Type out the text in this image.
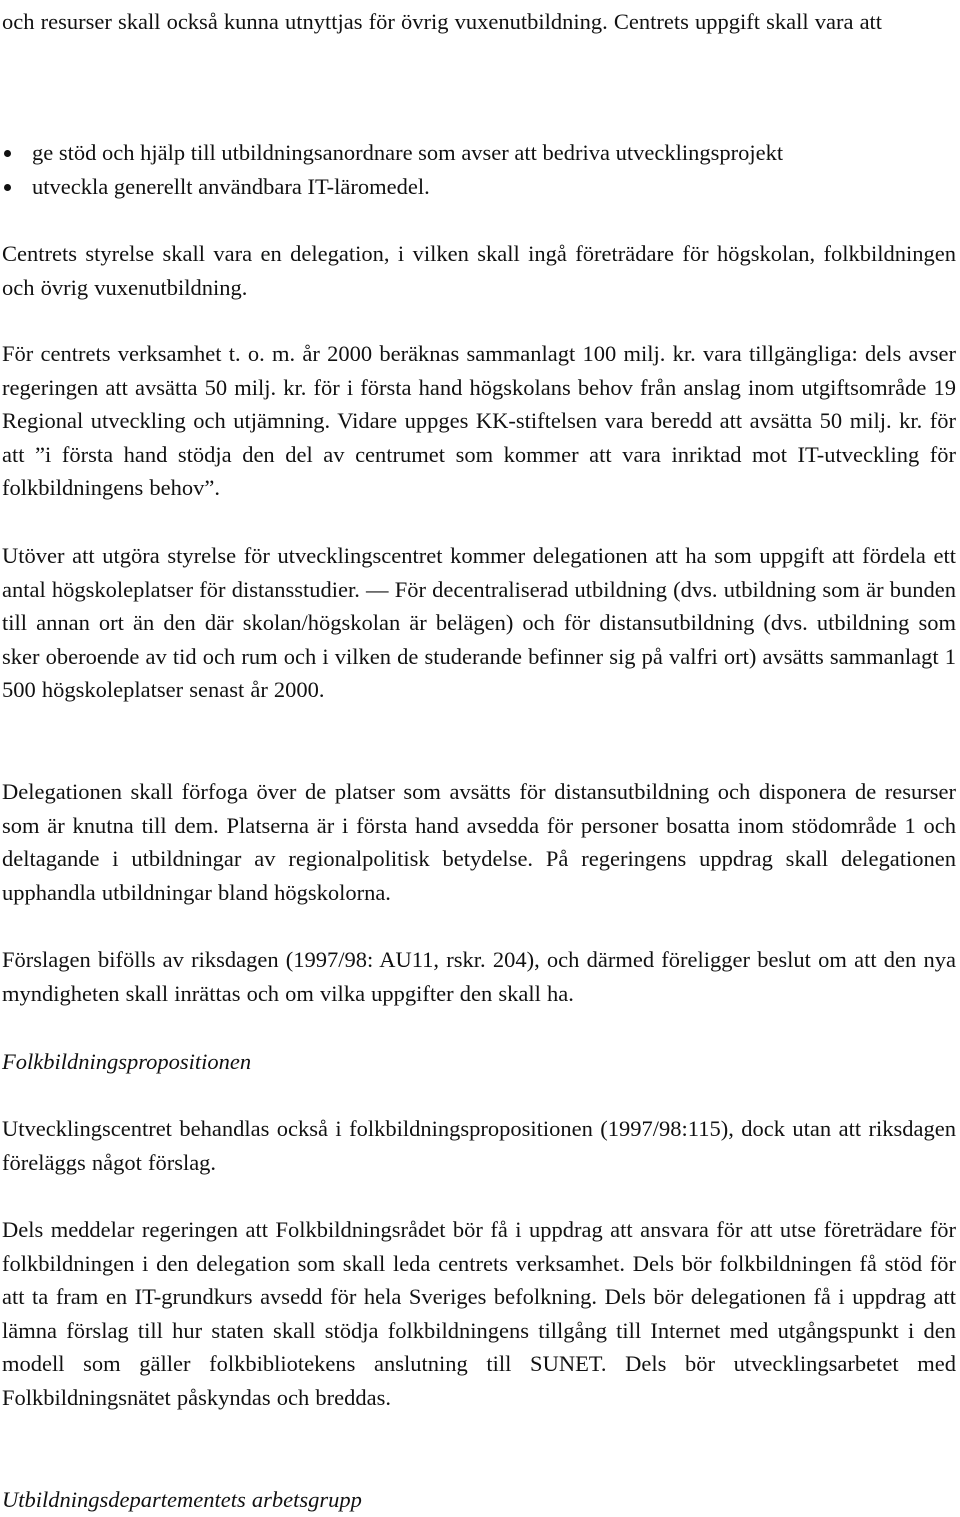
och resurser skall också kunna utnyttjas för övrig vuxenutbildning. Centrets uppgift skall vara att

ge stöd och hjälp till utbildningsanordnare som avser att bedriva utvecklingsprojekt
utveckla generellt användbara IT-läromedel.

Centrets styrelse skall vara en delegation, i vilken skall ingå företrädare för högskolan, folkbildningen och övrig vuxenutbildning.

För centrets verksamhet t. o. m. år 2000 beräknas sammanlagt 100 milj. kr. vara tillgängliga: dels avser regeringen att avsätta 50 milj. kr. för i första hand högskolans behov från anslag inom utgiftsområde 19 Regional utveckling och utjämning. Vidare uppges KK-stiftelsen vara beredd att avsätta 50 milj. kr. för att ”i första hand stödja den del av centrumet som kommer att vara inriktad mot IT-utveckling för folkbildningens behov”.

Utöver att utgöra styrelse för utvecklingscentret kommer delegationen att ha som uppgift att fördela ett antal högskoleplatser för distansstudier. — För decentraliserad utbildning (dvs. utbildning som är bunden till annan ort än den där skolan/högskolan är belägen) och för distansutbildning (dvs. utbildning som sker oberoende av tid och rum och i vilken de studerande befinner sig på valfri ort) avsätts sammanlagt 1 500 högskoleplatser senast år 2000.

Delegationen skall förfoga över de platser som avsätts för distansutbildning och disponera de resurser som är knutna till dem. Platserna är i första hand avsedda för personer bosatta inom stödområde 1 och deltagande i utbildningar av regionalpolitisk betydelse. På regeringens uppdrag skall delegationen upphandla utbildningar bland högskolorna.

Förslagen bifölls av riksdagen (1997/98: AU11, rskr. 204), och därmed föreligger beslut om att den nya myndigheten skall inrättas och om vilka uppgifter den skall ha.

Folkbildningspropositionen

Utvecklingscentret behandlas också i folkbildningspropositionen (1997/98:115), dock utan att riksdagen föreläggs något förslag.

Dels meddelar regeringen att Folkbildningsrådet bör få i uppdrag att ansvara för att utse företrädare för folkbildningen i den delegation som skall leda centrets verksamhet. Dels bör folkbildningen få stöd för att ta fram en IT-grundkurs avsedd för hela Sveriges befolkning. Dels bör delegationen få i uppdrag att lämna förslag till hur staten skall stödja folkbildningens tillgång till Internet med utgångspunkt i den modell som gäller folkbibliotekens anslutning till SUNET. Dels bör utvecklingsarbetet med Folkbildningsnätet påskyndas och breddas.

Utbildningsdepartementets arbetsgrupp
